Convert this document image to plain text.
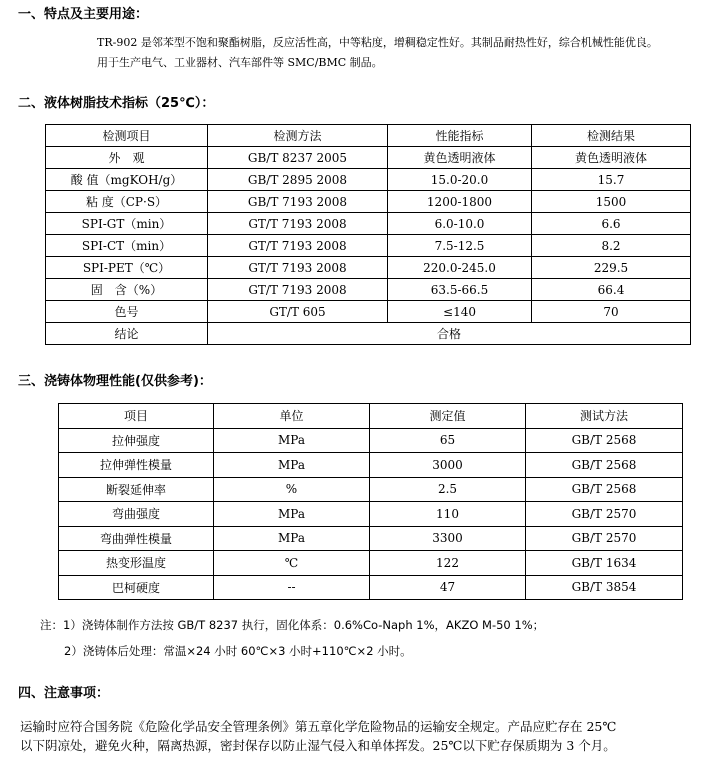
一、特点及主要用途：
TR-902 是邻苯型不饱和聚酯树脂，反应活性高，中等粘度，增稠稳定性好。其制品耐热性好，综合机械性能优良。
用于生产电气、工业器材、汽车部件等 SMC/BMC 制品。
二、液体树脂技术指标（25℃）：
检测项目	检测方法	性能指标	检测结果
外　观	GB/T 8237 2005	黄色透明液体	黄色透明液体
酸 值（mgKOH/g）	GB/T 2895 2008	15.0-20.0	15.7
粘 度（CP·S）	GB/T 7193 2008	1200-1800	1500
SPI-GT（min）	GT/T 7193 2008	6.0-10.0	6.6
SPI-CT（min）	GT/T 7193 2008	7.5-12.5	8.2
SPI-PET（℃）	GT/T 7193 2008	220.0-245.0	229.5
固　含（%）	GT/T 7193 2008	63.5-66.5	66.4
色号	GT/T 605	≤140	70
结论	合格		
三、浇铸体物理性能(仅供参考)：
项目	单位	测定值	测试方法
拉伸强度	MPa	65	GB/T 2568
拉伸弹性模量	MPa	3000	GB/T 2568
断裂延伸率	%	2.5	GB/T 2568
弯曲强度	MPa	110	GB/T 2570
弯曲弹性模量	MPa	3300	GB/T 2570
热变形温度	℃	122	GB/T 1634
巴柯硬度	--	47	GB/T 3854
注：1）浇铸体制作方法按 GB/T 8237 执行，固化体系：0.6%Co-Naph 1%，AKZO M-50 1%；
2）浇铸体后处理：常温×24 小时 60℃×3 小时+110℃×2 小时。
四、注意事项：
运输时应符合国务院《危险化学品安全管理条例》第五章化学危险物品的运输安全规定。产品应贮存在 25℃
以下阴凉处，避免火种，隔离热源，密封保存以防止湿气侵入和单体挥发。25℃以下贮存保质期为 3 个月。
